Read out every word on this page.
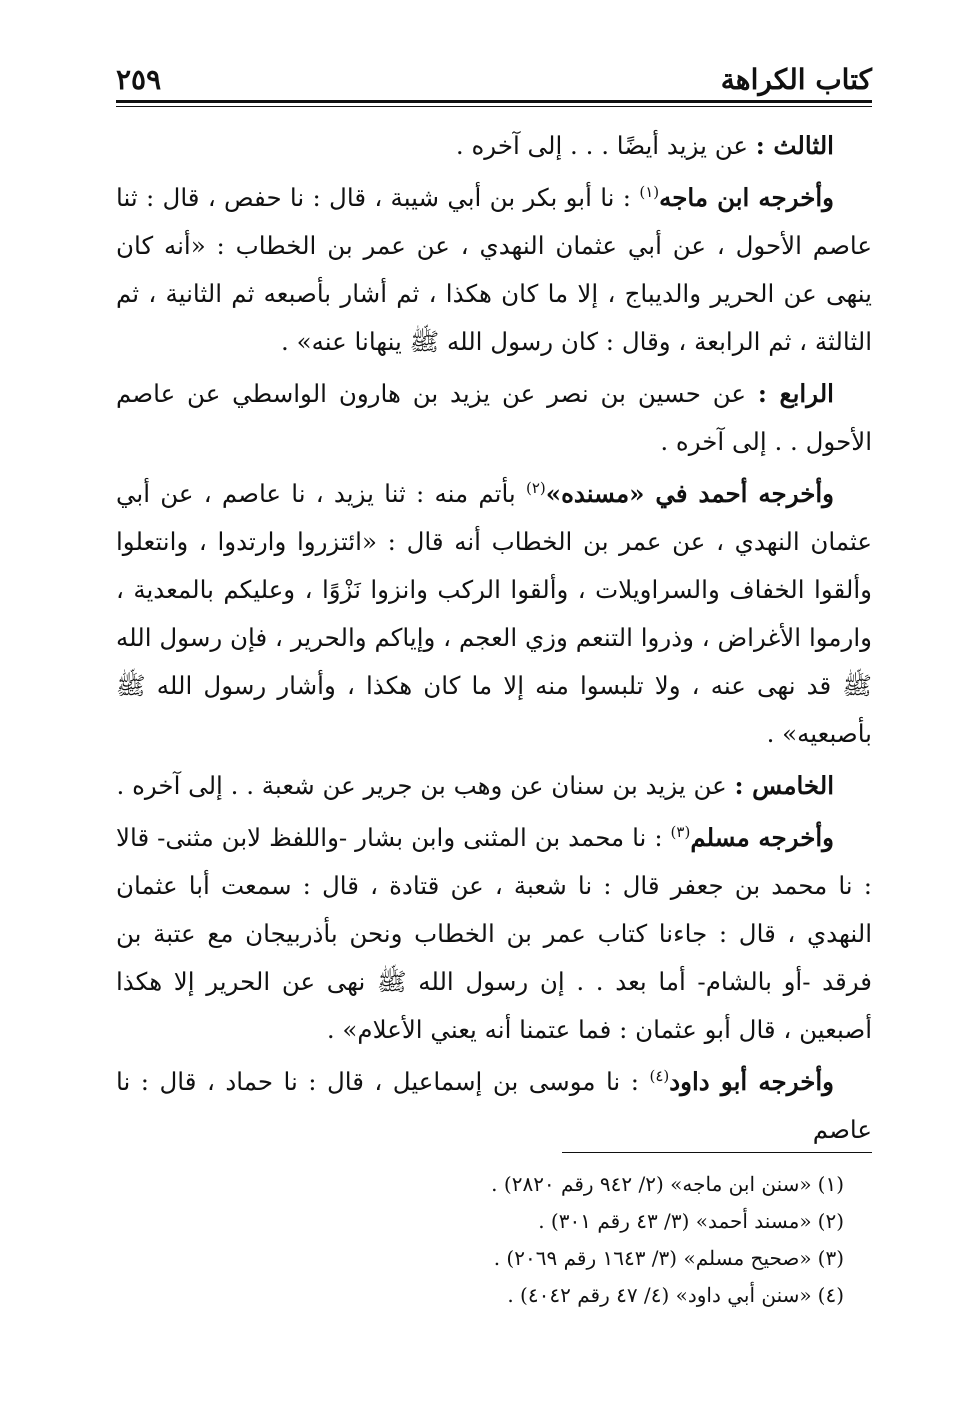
كتاب الكراهة
٢٥٩

الثالث : عن يزيد أيضًا . . . إلى آخره .

وأخرجه ابن ماجه$^{(١)}$ : نا أبو بكر بن أبي شيبة ، قال : نا حفص ، قال : ثنا عاصم الأحول ، عن أبي عثمان النهدي ، عن عمر بن الخطاب : «أنه كان ينهى عن الحرير والديباج ، إلا ما كان هكذا ، ثم أشار بأصبعه ثم الثانية ، ثم الثالثة ، ثم الرابعة ، وقال : كان رسول الله ﷺ ينهانا عنه» .

الرابع : عن حسين بن نصر عن يزيد بن هارون الواسطي عن عاصم الأحول . . إلى آخره .

وأخرجه أحمد في «مسنده»$^{(٢)}$ بأتم منه : ثنا يزيد ، نا عاصم ، عن أبي عثمان النهدي ، عن عمر بن الخطاب أنه قال : «ائتزروا وارتدوا ، وانتعلوا وألقوا الخفاف والسراويلات ، وألقوا الركب وانزوا نَزْوًا ، وعليكم بالمعدية ، وارموا الأغراض ، وذروا التنعم وزي العجم ، وإياكم والحرير ، فإن رسول الله ﷺ قد نهى عنه ، ولا تلبسوا منه إلا ما كان هكذا ، وأشار رسول الله ﷺ بأصبعيه» .

الخامس : عن يزيد بن سنان عن وهب بن جرير عن شعبة . . إلى آخره .

وأخرجه مسلم$^{(٣)}$ : نا محمد بن المثنى وابن بشار -واللفظ لابن مثنى- قالا : نا محمد بن جعفر قال : نا شعبة ، عن قتادة ، قال : سمعت أبا عثمان النهدي ، قال : جاءنا كتاب عمر بن الخطاب ونحن بأذربيجان مع عتبة بن فرقد -أو بالشام- أما بعد . . إن رسول الله ﷺ نهى عن الحرير إلا هكذا أصبعين ، قال أبو عثمان : فما عتمنا أنه يعني الأعلام» .

وأخرجه أبو داود$^{(٤)}$ : نا موسى بن إسماعيل ، قال : نا حماد ، قال : نا عاصم

(١)«سنن ابن ماجه» (٢/ ٩٤٢ رقم ٢٨٢٠) .

(٢)«مسند أحمد» (٣/ ٤٣ رقم ٣٠١) .

(٣)«صحيح مسلم» (٣/ ١٦٤٣ رقم ٢٠٦٩) .

(٤)«سنن أبي داود» (٤/ ٤٧ رقم ٤٠٤٢) .
